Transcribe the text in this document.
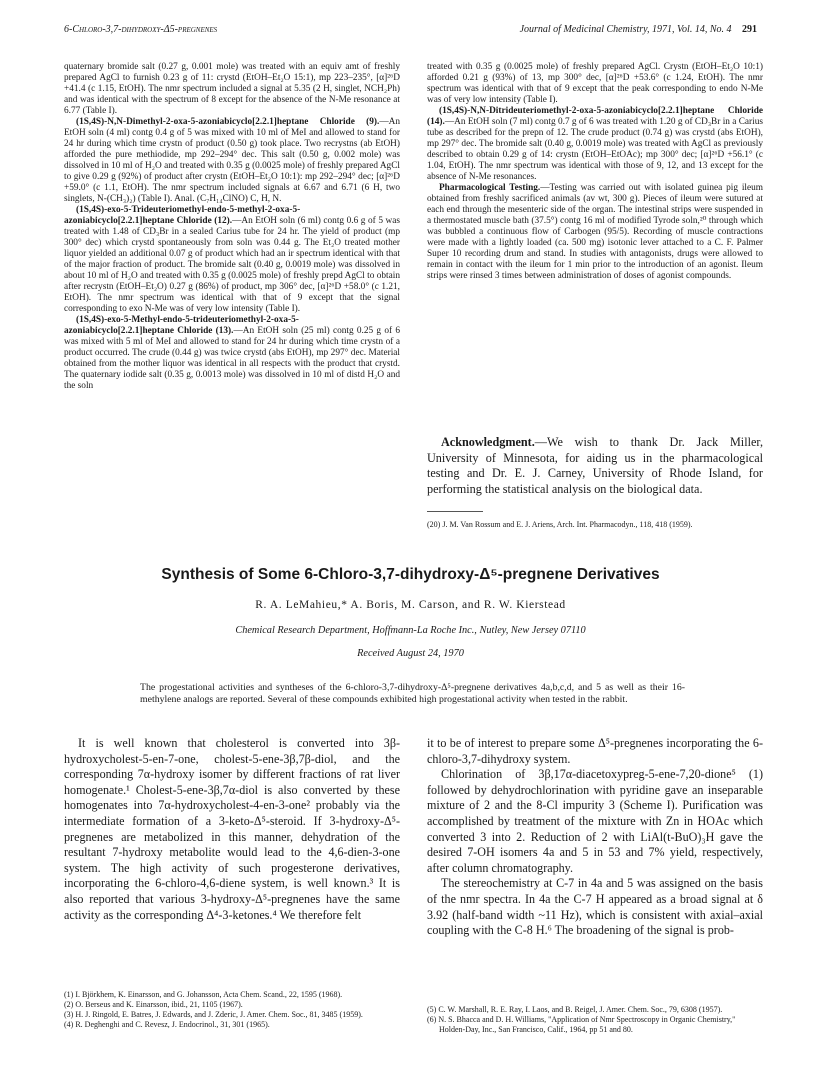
6-Chloro-3,7-dihydroxy-Δ5-pregnenes	Journal of Medicinal Chemistry, 1971, Vol. 14, No. 4 291

quaternary bromide salt (0.27 g, 0.001 mole) was treated with an equiv amt of freshly prepared AgCl to furnish 0.23 g of 11: crystd (EtOH–Et₂O 15:1), mp 223–235°, [α]²⁶D +41.4 (c 1.15, EtOH). The nmr spectrum included a signal at 5.35 (2 H, singlet, NCH₂Ph) and was identical with the spectrum of 8 except for the absence of the N-Me resonance at 6.77 (Table I).

(1S,4S)-N,N-Dimethyl-2-oxa-5-azoniabicyclo[2.2.1]heptane Chloride (9).—An EtOH soln (4 ml) contg 0.4 g of 5 was mixed with 10 ml of MeI and allowed to stand for 24 hr during which time crystn of product (0.50 g) took place. Two recrystns (ab EtOH) afforded the pure methiodide, mp 292–294° dec. This salt (0.50 g, 0.002 mole) was dissolved in 10 ml of H₂O and treated with 0.35 g (0.0025 mole) of freshly prepared AgCl to give 0.29 g (92%) of product after crystn (EtOH–Et₂O 10:1): mp 292–294° dec; [α]²⁶D +59.0° (c 1.1, EtOH). The nmr spectrum included signals at 6.67 and 6.71 (6 H, two singlets, N-(CH₃)₂) (Table I). Anal. (C₇H₁₄ClNO) C, H, N.

(1S,4S)-exo-5-Trideuteriomethyl-endo-5-methyl-2-oxa-5-azoniabicyclo[2.2.1]heptane Chloride (12).—An EtOH soln (6 ml) contg 0.6 g of 5 was treated with 1.48 of CD₃Br in a sealed Carius tube for 24 hr. The yield of product (mp 300° dec) which crystd spontaneously from soln was 0.44 g. The Et₂O treated mother liquor yielded an additional 0.07 g of product which had an ir spectrum identical with that of the major fraction of product. The bromide salt (0.40 g, 0.0019 mole) was dissolved in about 10 ml of H₂O and treated with 0.35 g (0.0025 mole) of freshly prepd AgCl to obtain after recrystn (EtOH–Et₂O) 0.27 g (86%) of product, mp 306° dec, [α]²⁶D +58.0° (c 1.21, EtOH). The nmr spectrum was identical with that of 9 except that the signal corresponding to exo N-Me was of very low intensity (Table I).

(1S,4S)-exo-5-Methyl-endo-5-trideuteriomethyl-2-oxa-5-azoniabicyclo[2.2.1]heptane Chloride (13).—An EtOH soln (25 ml) contg 0.25 g of 6 was mixed with 5 ml of MeI and allowed to stand for 24 hr during which time crystn of a product occurred. The crude (0.44 g) was twice crystd (abs EtOH), mp 297° dec. Material obtained from the mother liquor was identical in all respects with the product that crystd. The quaternary iodide salt (0.35 g, 0.0013 mole) was dissolved in 10 ml of distd H₂O and the soln

treated with 0.35 g (0.0025 mole) of freshly prepared AgCl. Crystn (EtOH–Et₂O 10:1) afforded 0.21 g (93%) of 13, mp 300° dec, [α]²⁶D +53.6° (c 1.24, EtOH). The nmr spectrum was identical with that of 9 except that the peak corresponding to endo N-Me was of very low intensity (Table I).

(1S,4S)-N,N-Ditrideuteriomethyl-2-oxa-5-azoniabicyclo[2.2.1]heptane Chloride (14).—An EtOH soln (7 ml) contg 0.7 g of 6 was treated with 1.20 g of CD₃Br in a Carius tube as described for the prepn of 12. The crude product (0.74 g) was crystd (abs EtOH), mp 297° dec. The bromide salt (0.40 g, 0.0019 mole) was treated with AgCl as previously described to obtain 0.29 g of 14: crystn (EtOH–EtOAc); mp 300° dec; [α]²⁶D +56.1° (c 1.04, EtOH). The nmr spectrum was identical with those of 9, 12, and 13 except for the absence of N-Me resonances.

Pharmacological Testing.—Testing was carried out with isolated guinea pig ileum obtained from freshly sacrificed animals (av wt, 300 g). Pieces of ileum were sutured at each end through the mesenteric side of the organ. The intestinal strips were suspended in a thermostated muscle bath (37.5°) contg 16 ml of modified Tyrode soln,²⁰ through which was bubbled a continuous flow of Carbogen (95/5). Recording of muscle contractions were made with a lightly loaded (ca. 500 mg) isotonic lever attached to a C. F. Palmer Super 10 recording drum and stand. In studies with antagonists, drugs were allowed to remain in contact with the ileum for 1 min prior to the introduction of an agonist. Ileum strips were rinsed 3 times between administration of doses of agonist compounds.

Acknowledgment.—We wish to thank Dr. Jack Miller, University of Minnesota, for aiding us in the pharmacological testing and Dr. E. J. Carney, University of Rhode Island, for performing the statistical analysis on the biological data.
(20) J. M. Van Rossum and E. J. Ariens, Arch. Int. Pharmacodyn., 118, 418 (1959).
Synthesis of Some 6-Chloro-3,7-dihydroxy-Δ⁵-pregnene Derivatives
R. A. LeMahieu,* A. Boris, M. Carson, and R. W. Kierstead
Chemical Research Department, Hoffmann-La Roche Inc., Nutley, New Jersey 07110
Received August 24, 1970
The progestational activities and syntheses of the 6-chloro-3,7-dihydroxy-Δ⁵-pregnene derivatives 4a,b,c,d, and 5 as well as their 16-methylene analogs are reported. Several of these compounds exhibited high progestational activity when tested in the rabbit.

It is well known that cholesterol is converted into 3β-hydroxycholest-5-en-7-one, cholest-5-ene-3β,7β-diol, and the corresponding 7α-hydroxy isomer by different fractions of rat liver homogenate.¹ Cholest-5-ene-3β,7α-diol is also converted by these homogenates into 7α-hydroxycholest-4-en-3-one² probably via the intermediate formation of a 3-keto-Δ⁵-steroid. If 3-hydroxy-Δ⁵-pregnenes are metabolized in this manner, dehydration of the resultant 7-hydroxy metabolite would lead to the 4,6-dien-3-one system. The high activity of such progesterone derivatives, incorporating the 6-chloro-4,6-diene system, is well known.³ It is also reported that various 3-hydroxy-Δ⁵-pregnenes have the same activity as the corresponding Δ⁴-3-ketones.⁴ We therefore felt

it to be of interest to prepare some Δ⁵-pregnenes incorporating the 6-chloro-3,7-dihydroxy system.

Chlorination of 3β,17α-diacetoxypreg-5-ene-7,20-dione⁵ (1) followed by dehydrochlorination with pyridine gave an inseparable mixture of 2 and the 8-Cl impurity 3 (Scheme I). Purification was accomplished by treatment of the mixture with Zn in HOAc which converted 3 into 2. Reduction of 2 with LiAl(t-BuO)₃H gave the desired 7-OH isomers 4a and 5 in 53 and 7% yield, respectively, after column chromatography.

The stereochemistry at C-7 in 4a and 5 was assigned on the basis of the nmr spectra. In 4a the C-7 H appeared as a broad signal at δ 3.92 (half-band width ~11 Hz), which is consistent with axial–axial coupling with the C-8 H.⁶ The broadening of the signal is prob-

(1) I. Björkhem, K. Einarsson, and G. Johansson, Acta Chem. Scand., 22, 1595 (1968).

(2) O. Berseus and K. Einarsson, ibid., 21, 1105 (1967).

(3) H. J. Ringold, E. Batres, J. Edwards, and J. Zderic, J. Amer. Chem. Soc., 81, 3485 (1959).

(4) R. Deghenghi and C. Revesz, J. Endocrinol., 31, 301 (1965).

(5) C. W. Marshall, R. E. Ray, I. Laos, and B. Reigel, J. Amer. Chem. Soc., 79, 6308 (1957).

(6) N. S. Bhacca and D. H. Williams, "Application of Nmr Spectroscopy in Organic Chemistry," Holden-Day, Inc., San Francisco, Calif., 1964, pp 51 and 80.
